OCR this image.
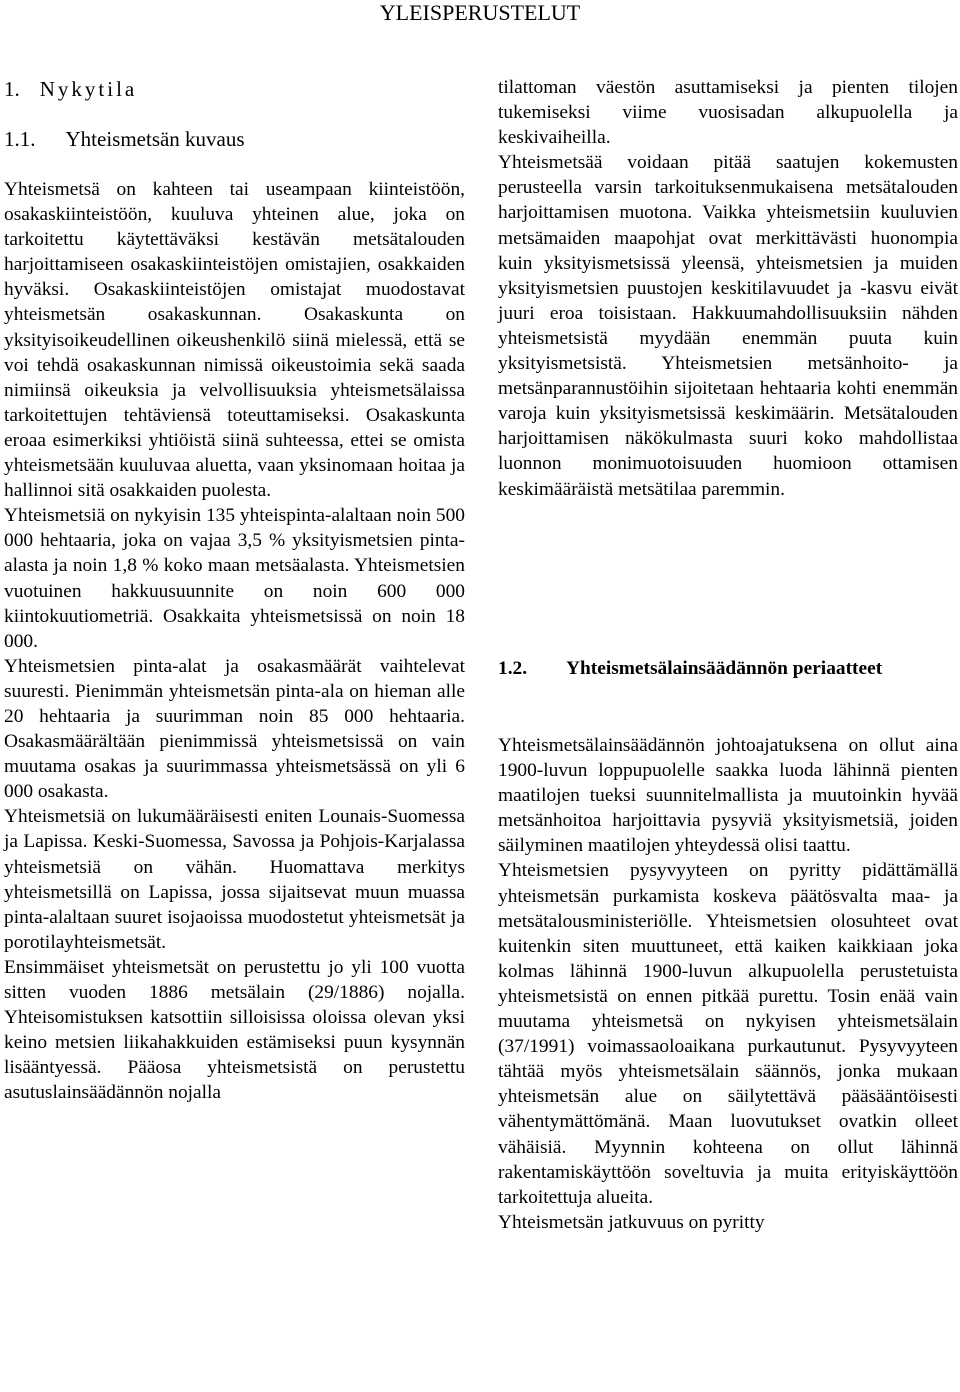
YLEISPERUSTELUT
1. Nykytila
1.1. Yhteismetsän kuvaus

Yhteismetsä on kahteen tai useampaan kiinteistöön, osakaskiinteistöön, kuuluva yhteinen alue, joka on tarkoitettu käytettäväksi kestävän metsätalouden harjoittamiseen osakaskiinteistöjen omistajien, osakkaiden hyväksi. Osakaskiinteistöjen omistajat muodostavat yhteismetsän osakaskunnan. Osakaskunta on yksityisoikeudellinen oikeushenkilö siinä mielessä, että se voi tehdä osakaskunnan nimissä oikeustoimia sekä saada nimiinsä oikeuksia ja velvollisuuksia yhteismetsälaissa tarkoitettujen tehtäviensä toteuttamiseksi. Osakaskunta eroaa esimerkiksi yhtiöistä siinä suhteessa, ettei se omista yhteismetsään kuuluvaa aluetta, vaan yksinomaan hoitaa ja hallinnoi sitä osakkaiden puolesta.

Yhteismetsiä on nykyisin 135 yhteispinta-alaltaan noin 500 000 hehtaaria, joka on vajaa 3,5 % yksityismetsien pinta-alasta ja noin 1,8 % koko maan metsäalasta. Yhteismetsien vuotuinen hakkuusuunnite on noin 600 000 kiintokuutiometriä. Osakkaita yhteismetsissä on noin 18 000.

Yhteismetsien pinta-alat ja osakasmäärät vaihtelevat suuresti. Pienimmän yhteismetsän pinta-ala on hieman alle 20 hehtaaria ja suurimman noin 85 000 hehtaaria. Osakasmäärältään pienimmissä yhteismetsissä on vain muutama osakas ja suurimmassa yhteismetsässä on yli 6 000 osakasta.

Yhteismetsiä on lukumääräisesti eniten Lounais-Suomessa ja Lapissa. Keski-Suomessa, Savossa ja Pohjois-Karjalassa yhteismetsiä on vähän. Huomattava merkitys yhteismetsillä on Lapissa, jossa sijaitsevat muun muassa pinta-alaltaan suuret isojaoissa muodostetut yhteismetsät ja porotilayhteismetsät.

Ensimmäiset yhteismetsät on perustettu jo yli 100 vuotta sitten vuoden 1886 metsälain (29/1886) nojalla. Yhteisomistuksen katsottiin silloisissa oloissa olevan yksi keino metsien liikahakkuiden estämiseksi puun kysynnän lisääntyessä. Pääosa yhteismetsistä on perustettu asutuslainsäädännön nojalla

tilattoman väestön asuttamiseksi ja pienten tilojen tukemiseksi viime vuosisadan alkupuolella ja keskivaiheilla.

Yhteismetsää voidaan pitää saatujen kokemusten perusteella varsin tarkoituksenmukaisena metsätalouden harjoittamisen muotona. Vaikka yhteismetsiin kuuluvien metsämaiden maapohjat ovat merkittävästi huonompia kuin yksityismetsissä yleensä, yhteismetsien ja muiden yksityismetsien puustojen keskitilavuudet ja -kasvu eivät juuri eroa toisistaan. Hakkuumahdollisuuksiin nähden yhteismetsistä myydään enemmän puuta kuin yksityismetsistä. Yhteismetsien metsänhoito- ja metsänparannustöihin sijoitetaan hehtaaria kohti enemmän varoja kuin yksityismetsissä keskimäärin. Metsätalouden harjoittamisen näkökulmasta suuri koko mahdollistaa luonnon monimuotoisuuden huomioon ottamisen keskimääräistä metsätilaa paremmin.

1.2. Yhteismetsälainsäädännön periaatteet

Yhteismetsälainsäädännön johtoajatuksena on ollut aina 1900-luvun loppupuolelle saakka luoda lähinnä pienten maatilojen tueksi suunnitelmallista ja muutoinkin hyvää metsänhoitoa harjoittavia pysyviä yksityismetsiä, joiden säilyminen maatilojen yhteydessä olisi taattu.

Yhteismetsien pysyvyyteen on pyritty pidättämällä yhteismetsän purkamista koskeva päätösvalta maa- ja metsätalousministeriölle. Yhteismetsien olosuhteet ovat kuitenkin siten muuttuneet, että kaiken kaikkiaan joka kolmas lähinnä 1900-luvun alkupuolella perustetuista yhteismetsistä on ennen pitkää purettu. Tosin enää vain muutama yhteismetsä on nykyisen yhteismetsälain (37/1991) voimassaoloaikana purkautunut. Pysyvyyteen tähtää myös yhteismetsälain säännös, jonka mukaan yhteismetsän alue on säilytettävä pääsääntöisesti vähentymättömänä. Maan luovutukset ovatkin olleet vähäisiä. Myynnin kohteena on ollut lähinnä rakentamiskäyttöön soveltuvia ja muita erityiskäyttöön tarkoitettuja alueita.

Yhteismetsän jatkuvuus on pyritty
